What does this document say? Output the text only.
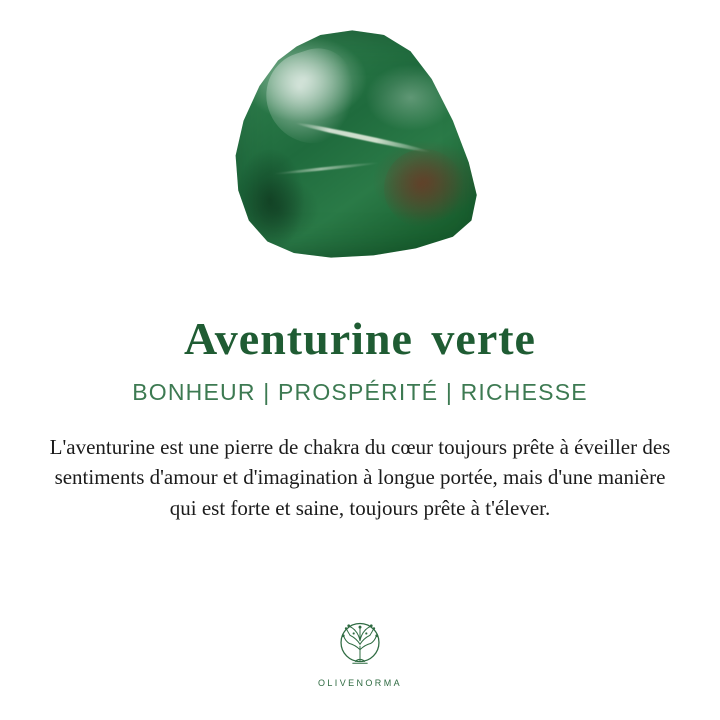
Aventurine verte
BONHEUR | PROSPÉRITÉ | RICHESSE

L'aventurine est une pierre de chakra du cœur toujours prête à éveiller des sentiments d'amour et d'imagination à longue portée, mais d'une manière qui est forte et saine, toujours prête à t'élever.

OLIVENORMA
